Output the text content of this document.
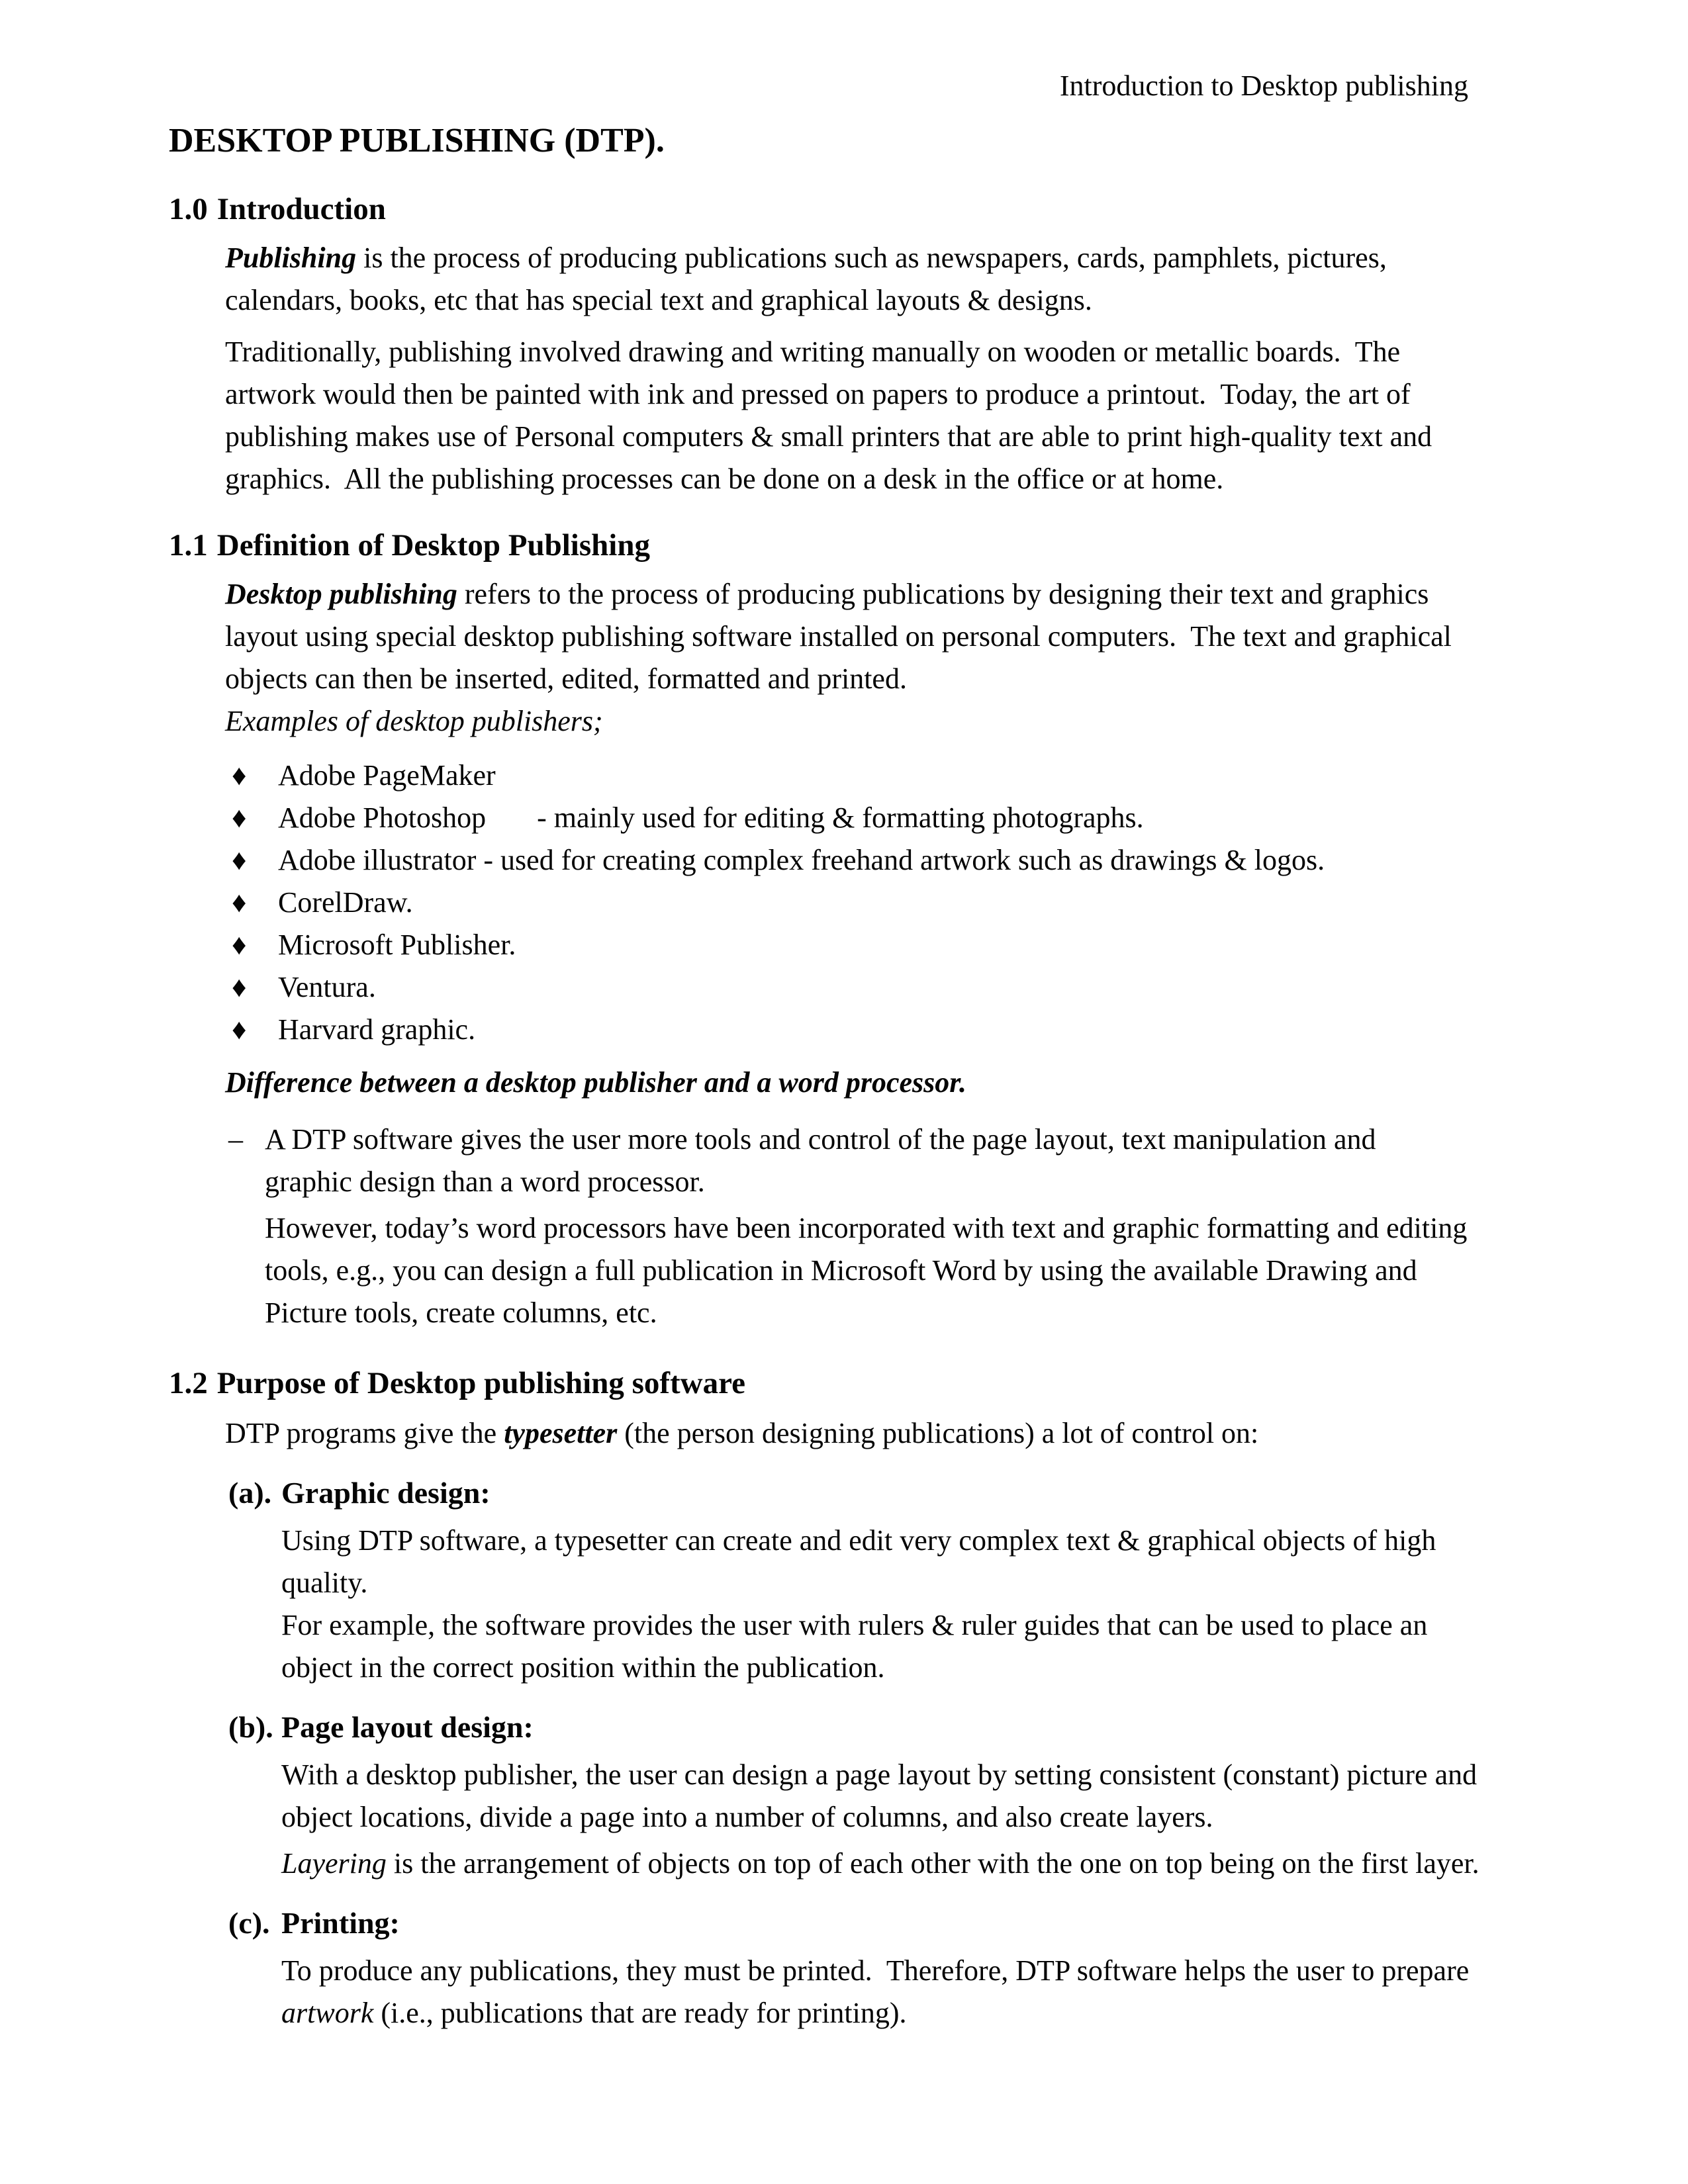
Introduction to Desktop publishing
DESKTOP PUBLISHING (DTP).
1.0 Introduction

Publishing is the process of producing publications such as newspapers, cards, pamphlets, pictures, calendars, books, etc that has special text and graphical layouts & designs.

Traditionally, publishing involved drawing and writing manually on wooden or metallic boards.  The artwork would then be painted with ink and pressed on papers to produce a printout.  Today, the art of publishing makes use of Personal computers & small printers that are able to print high-quality text and graphics.  All the publishing processes can be done on a desk in the office or at home.

1.1 Definition of Desktop Publishing

Desktop publishing refers to the process of producing publications by designing their text and graphics layout using special desktop publishing software installed on personal computers.  The text and graphical objects can then be inserted, edited, formatted and printed.

Examples of desktop publishers;

♦	Adobe PageMaker
♦	Adobe Photoshop       - mainly used for editing & formatting photographs.
♦	Adobe illustrator - used for creating complex freehand artwork such as drawings & logos.
♦	CorelDraw.
♦	Microsoft Publisher.
♦	Ventura.
♦	Harvard graphic.

Difference between a desktop publisher and a word processor.

– A DTP software gives the user more tools and control of the page layout, text manipulation and graphic design than a word processor.

However, today’s word processors have been incorporated with text and graphic formatting and editing tools, e.g., you can design a full publication in Microsoft Word by using the available Drawing and Picture tools, create columns, etc.

1.2 Purpose of Desktop publishing software

DTP programs give the typesetter (the person designing publications) a lot of control on:

(a). Graphic design:

Using DTP software, a typesetter can create and edit very complex text & graphical objects of high quality.

For example, the software provides the user with rulers & ruler guides that can be used to place an object in the correct position within the publication.

(b). Page layout design:

With a desktop publisher, the user can design a page layout by setting consistent (constant) picture and object locations, divide a page into a number of columns, and also create layers.

Layering is the arrangement of objects on top of each other with the one on top being on the first layer.

(c). Printing:

To produce any publications, they must be printed.  Therefore, DTP software helps the user to prepare artwork (i.e., publications that are ready for printing).
